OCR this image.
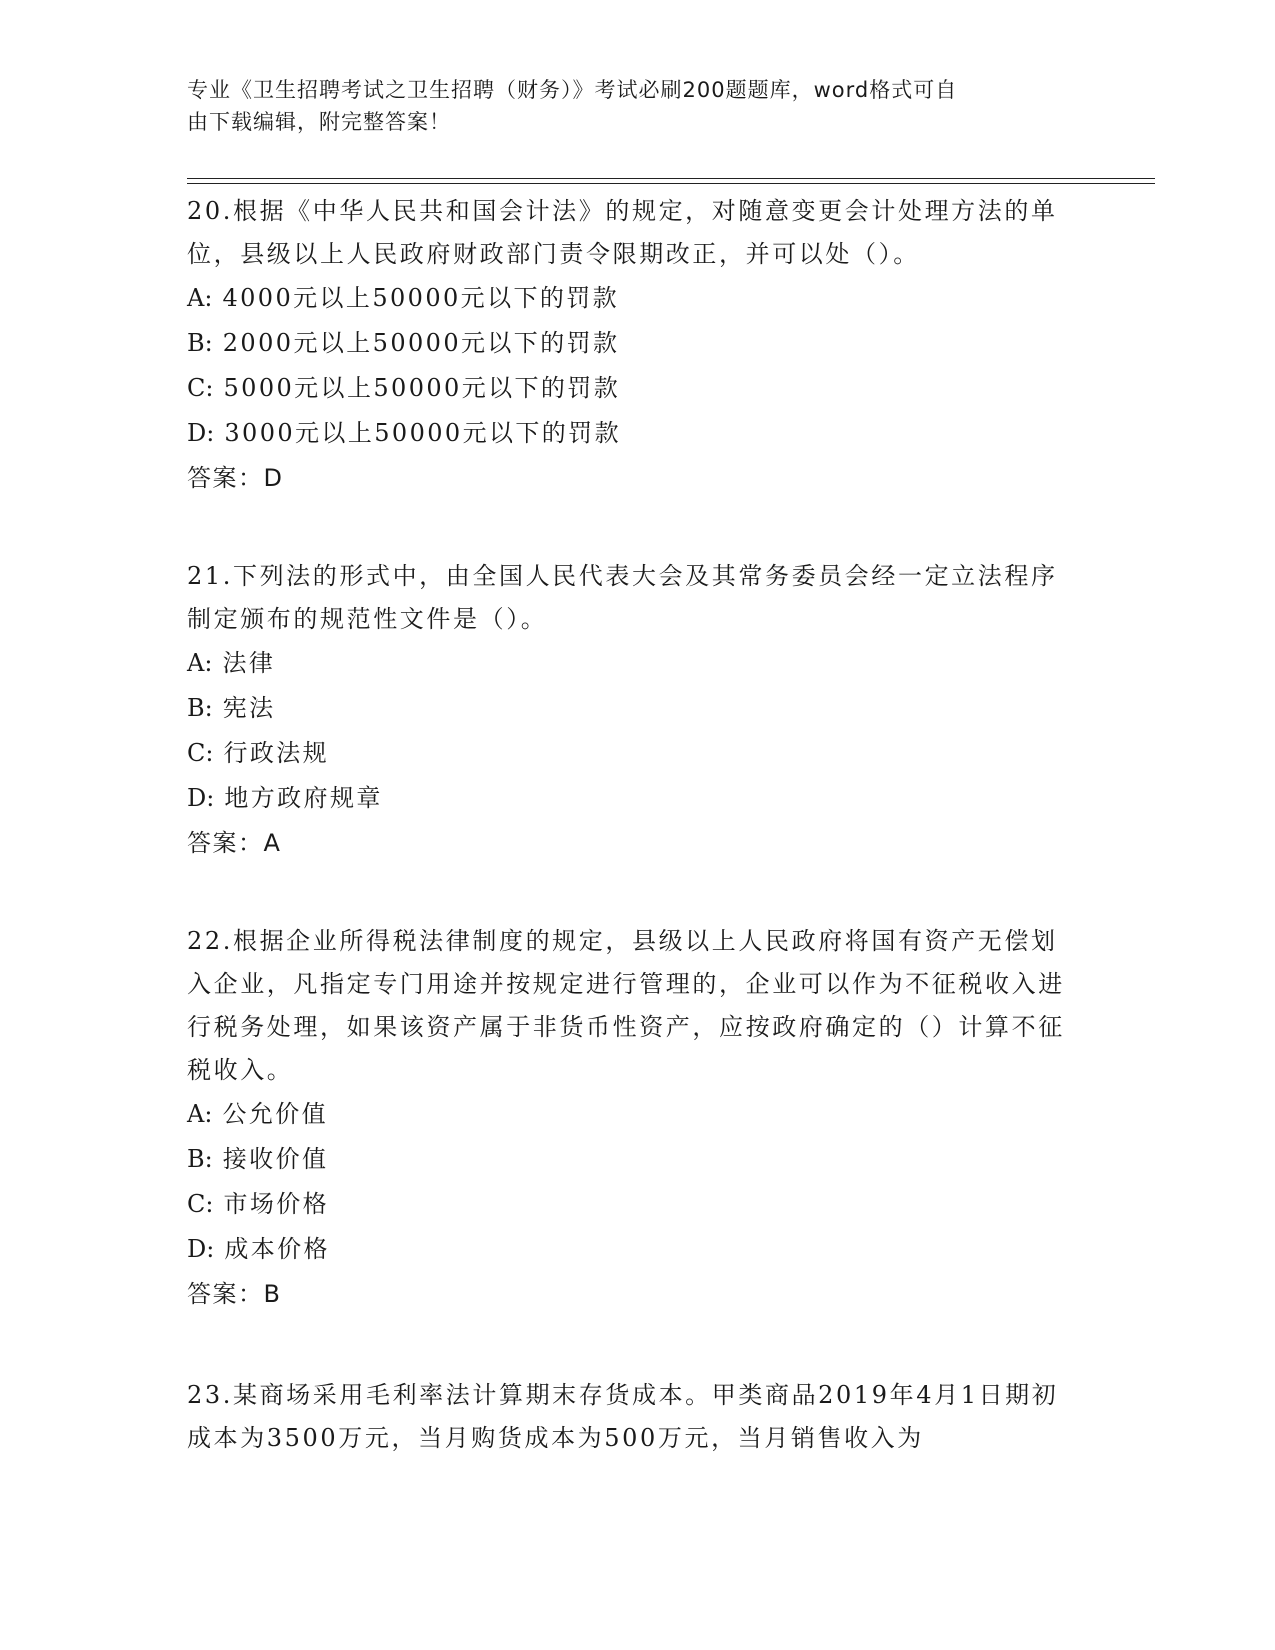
专业《卫生招聘考试之卫生招聘（财务）》考试必刷200题题库，word格式可自
由下载编辑，附完整答案！

20.根据《中华人民共和国会计法》的规定，对随意变更会计处理方法的单位，县级以上人民政府财政部门责令限期改正，并可以处（）。

A: 4000元以上50000元以下的罚款

B: 2000元以上50000元以下的罚款

C: 5000元以上50000元以下的罚款

D: 3000元以上50000元以下的罚款

答案：D

21.下列法的形式中，由全国人民代表大会及其常务委员会经一定立法程序制定颁布的规范性文件是（）。

A: 法律

B: 宪法

C: 行政法规

D: 地方政府规章

答案：A

22.根据企业所得税法律制度的规定，县级以上人民政府将国有资产无偿划入企业，凡指定专门用途并按规定进行管理的，企业可以作为不征税收入进行税务处理，如果该资产属于非货币性资产，应按政府确定的（）计算不征税收入。

A: 公允价值

B: 接收价值

C: 市场价格

D: 成本价格

答案：B

23.某商场采用毛利率法计算期末存货成本。甲类商品2019年4月1日期初成本为3500万元，当月购货成本为500万元，当月销售收入为
